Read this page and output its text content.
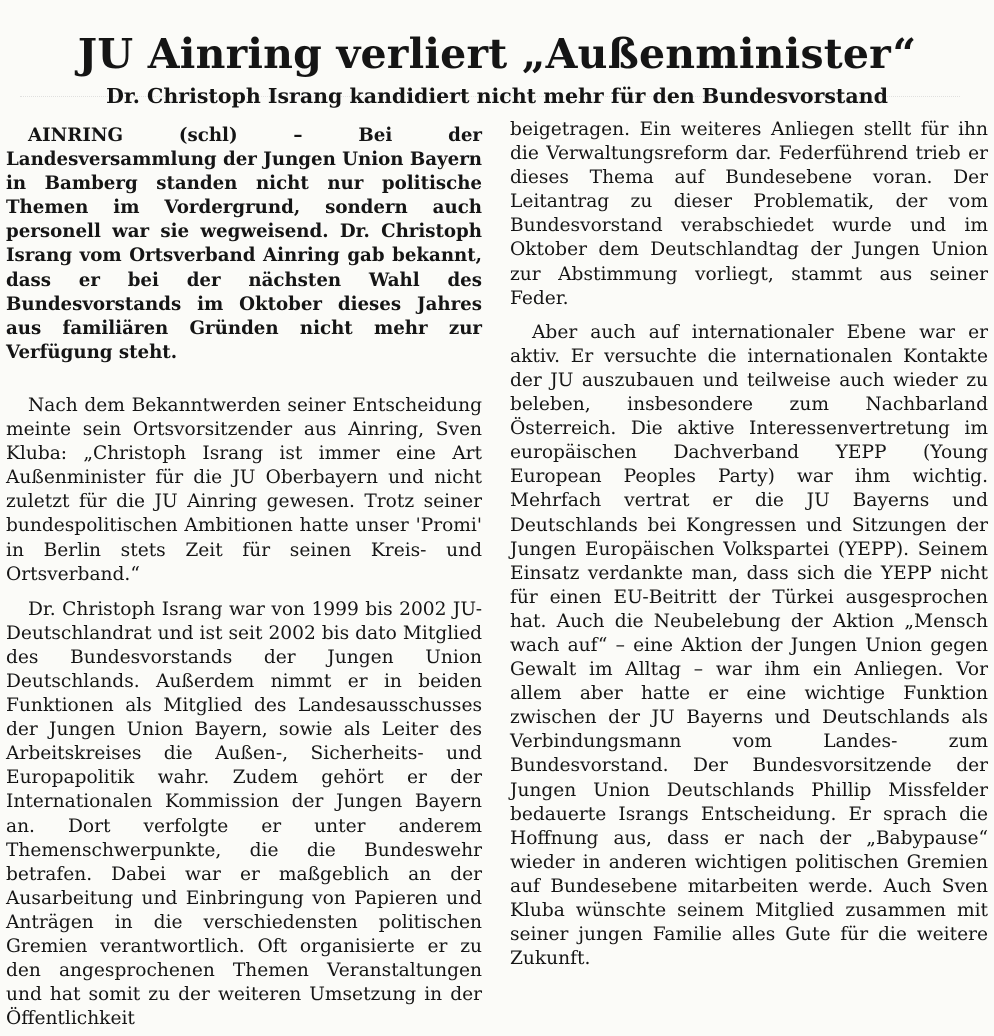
JU Ainring verliert „Außenminister“
Dr. Christoph Israng kandidiert nicht mehr für den Bundesvorstand

AINRING (schl) – Bei der Landesversammlung der Jungen Union Bayern in Bamberg standen nicht nur politische Themen im Vordergrund, sondern auch personell war sie wegweisend. Dr. Christoph Israng vom Ortsverband Ainring gab bekannt, dass er bei der nächsten Wahl des Bundesvorstands im Oktober dieses Jahres aus familiären Gründen nicht mehr zur Verfügung steht.

Nach dem Bekanntwerden seiner Entscheidung meinte sein Ortsvorsitzender aus Ainring, Sven Kluba: „Christoph Israng ist immer eine Art Außenminister für die JU Oberbayern und nicht zuletzt für die JU Ainring gewesen. Trotz seiner bundespolitischen Ambitionen hatte unser 'Promi' in Berlin stets Zeit für seinen Kreis- und Ortsverband.“

Dr. Christoph Israng war von 1999 bis 2002 JU-Deutschlandrat und ist seit 2002 bis dato Mitglied des Bundesvorstands der Jungen Union Deutschlands. Außerdem nimmt er in beiden Funktionen als Mitglied des Landesausschusses der Jungen Union Bayern, sowie als Leiter des Arbeitskreises die Außen-, Sicherheits- und Europapolitik wahr. Zudem gehört er der Internationalen Kommission der Jungen Bayern an. Dort verfolgte er unter anderem Themenschwerpunkte, die die Bundeswehr betrafen. Dabei war er maßgeblich an der Ausarbeitung und Einbringung von Papieren und Anträgen in die verschiedensten politischen Gremien verantwortlich. Oft organisierte er zu den angesprochenen Themen Veranstaltungen und hat somit zu der weiteren Umsetzung in der Öffentlichkeit

beigetragen. Ein weiteres Anliegen stellt für ihn die Verwaltungsreform dar. Federführend trieb er dieses Thema auf Bundesebene voran. Der Leitantrag zu dieser Problematik, der vom Bundesvorstand verabschiedet wurde und im Oktober dem Deutschlandtag der Jungen Union zur Abstimmung vorliegt, stammt aus seiner Feder.

Aber auch auf internationaler Ebene war er aktiv. Er versuchte die internationalen Kontakte der JU auszubauen und teilweise auch wieder zu beleben, insbesondere zum Nachbarland Österreich. Die aktive Interessenvertretung im europäischen Dachverband YEPP (Young European Peoples Party) war ihm wichtig. Mehrfach vertrat er die JU Bayerns und Deutschlands bei Kongressen und Sitzungen der Jungen Europäischen Volkspartei (YEPP). Seinem Einsatz verdankte man, dass sich die YEPP nicht für einen EU-Beitritt der Türkei ausgesprochen hat. Auch die Neubelebung der Aktion „Mensch wach auf“ – eine Aktion der Jungen Union gegen Gewalt im Alltag – war ihm ein Anliegen. Vor allem aber hatte er eine wichtige Funktion zwischen der JU Bayerns und Deutschlands als Verbindungsmann vom Landes- zum Bundesvorstand. Der Bundesvorsitzende der Jungen Union Deutschlands Phillip Missfelder bedauerte Israngs Entscheidung. Er sprach die Hoffnung aus, dass er nach der „Babypause“ wieder in anderen wichtigen politischen Gremien auf Bundesebene mitarbeiten werde. Auch Sven Kluba wünschte seinem Mitglied zusammen mit seiner jungen Familie alles Gute für die weitere Zukunft.
